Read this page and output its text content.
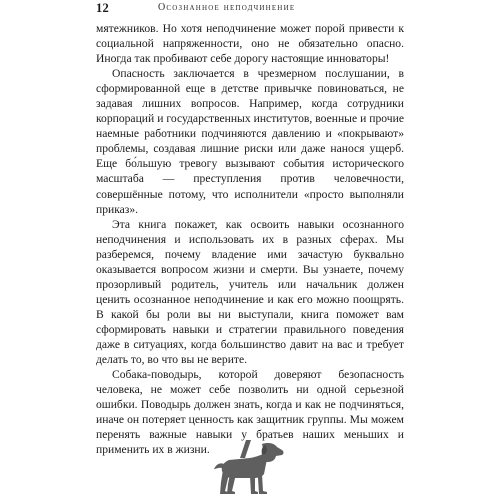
12	Осознанное неподчинение

мятежников. Но хотя неподчинение может порой привести к социальной напряженности, оно не обязательно опасно. Иногда так пробивают себе дорогу настоящие инноваторы!

Опасность заключается в чрезмерном послушании, в сформированной еще в детстве привычке повиноваться, не задавая лишних вопросов. Например, когда сотрудники корпораций и государственных институтов, военные и прочие наемные работники подчиняются давлению и «покрывают» проблемы, создавая лишние риски или даже нанося ущерб. Еще бо́льшую тревогу вызывают события исторического масштаба — преступления против человечности, совершённые потому, что исполнители «просто выполняли приказ».

Эта книга покажет, как освоить навыки осознанного неподчинения и использовать их в разных сферах. Мы разберемся, почему владение ими зачастую буквально оказывается вопросом жизни и смерти. Вы узнаете, почему прозорливый родитель, учитель или начальник должен ценить осознанное неподчинение и как его можно поощрять. В какой бы роли вы ни выступали, книга поможет вам сформировать навыки и стратегии правильного поведения даже в ситуациях, когда большинство давит на вас и требует делать то, во что вы не верите.

Собака-поводырь, которой доверяют безопасность человека, не может себе позволить ни одной серьезной ошибки. Поводырь должен знать, когда и как не подчиняться, иначе он потеряет ценность как защитник группы. Мы можем перенять важные навыки у братьев наших меньших и применить их в жизни.
